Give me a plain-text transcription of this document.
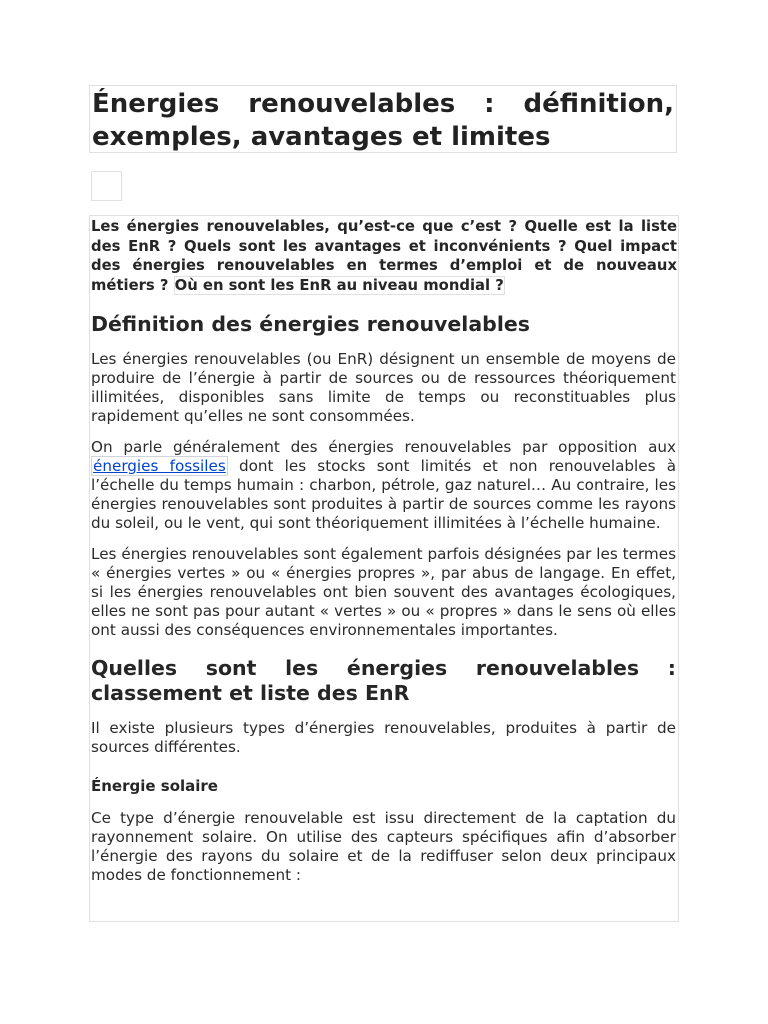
Énergies renouvelables : définition, exemples, avantages et limites

Les énergies renouvelables, qu’est-ce que c’est ? Quelle est la liste des EnR ? Quels sont les avantages et inconvénients ? Quel impact des énergies renouvelables en termes d’emploi et de nouveaux métiers ? Où en sont les EnR au niveau mondial ?

Définition des énergies renouvelables

Les énergies renouvelables (ou EnR) désignent un ensemble de moyens de produire de l’énergie à partir de sources ou de ressources théoriquement illimitées, disponibles sans limite de temps ou reconstituables plus rapidement qu’elles ne sont consommées.

On parle généralement des énergies renouvelables par opposition aux énergies fossiles dont les stocks sont limités et non renouvelables à l’échelle du temps humain : charbon, pétrole, gaz naturel… Au contraire, les énergies renouvelables sont produites à partir de sources comme les rayons du soleil, ou le vent, qui sont théoriquement illimitées à l’échelle humaine.

Les énergies renouvelables sont également parfois désignées par les termes « énergies vertes » ou « énergies propres », par abus de langage. En effet, si les énergies renouvelables ont bien souvent des avantages écologiques, elles ne sont pas pour autant « vertes » ou « propres » dans le sens où elles ont aussi des conséquences environnementales importantes.

Quelles sont les énergies renouvelables : classement et liste des EnR

Il existe plusieurs types d’énergies renouvelables, produites à partir de sources différentes.

Énergie solaire

Ce type d’énergie renouvelable est issu directement de la captation du rayonnement solaire. On utilise des capteurs spécifiques afin d’absorber l’énergie des rayons du solaire et de la rediffuser selon deux principaux modes de fonctionnement :
